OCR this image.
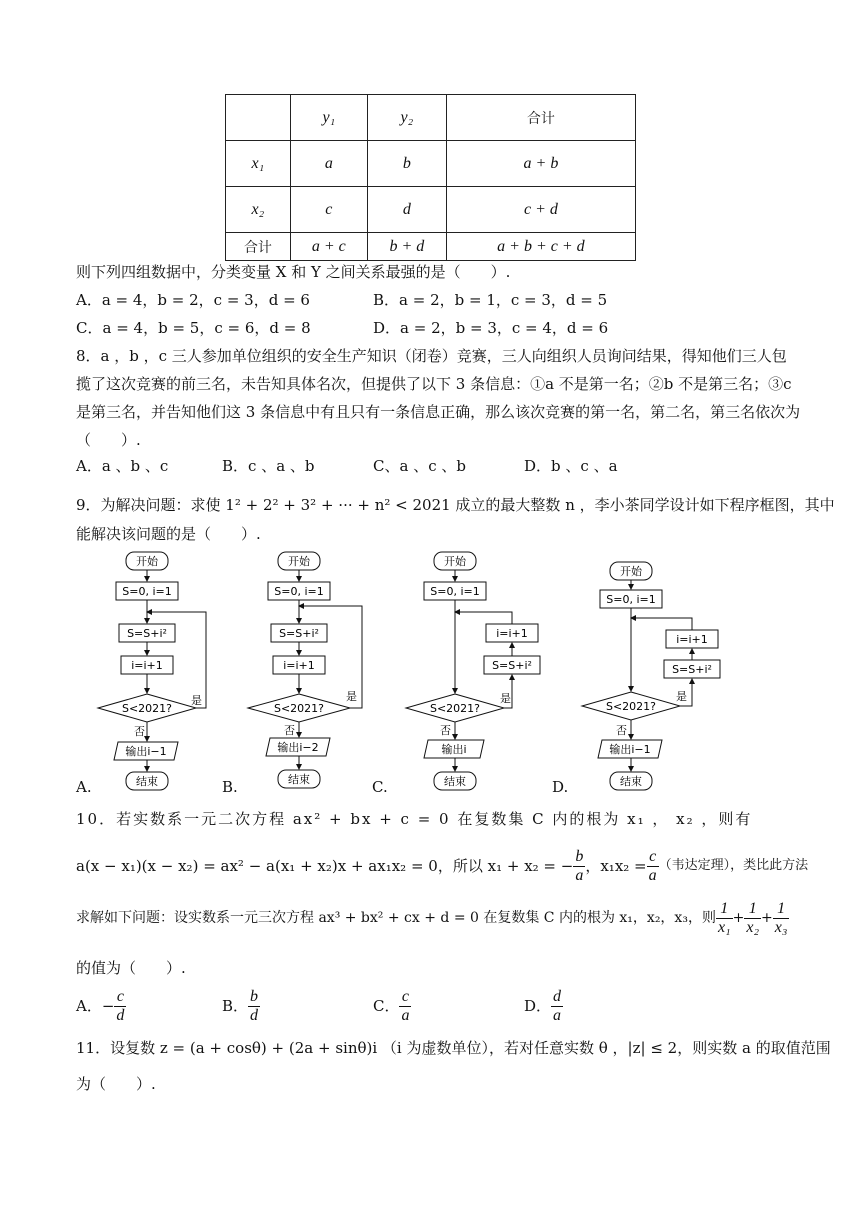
	y₁	y₂	合计
x₁	a	b	a + b
x₂	c	d	c + d
合计	a + c	b + d	a + b + c + d
则下列四组数据中，分类变量 X 和 Y 之间关系最强的是（　　）.
A．a = 4，b = 2，c = 3，d = 6	B．a = 2，b = 1，c = 3，d = 5
C．a = 4，b = 5，c = 6，d = 8	D．a = 2，b = 3，c = 4，d = 6
8．a ，b ，c 三人参加单位组织的安全生产知识（闭卷）竞赛，三人向组织人员询问结果，得知他们三人包
揽了这次竞赛的前三名，未告知具体名次，但提供了以下 3 条信息：①a 不是第一名；②b 不是第三名；③c
是第三名，并告知他们这 3 条信息中有且只有一条信息正确，那么该次竞赛的第一名，第二名，第三名依次为
（　　）.
A．a 、b 、c	B．c 、a 、b	C、a 、c 、b	D．b 、c 、a
9．为解决问题：求使 1² + 2² + 3² + ··· + n² < 2021 成立的最大整数 n ，李小茶同学设计如下程序框图，其中
能解决该问题的是（　　）.
开始
S=0, i=1
S=S+i²
i=i+1
S<2021?
是
否
输出i−1
结束
A.
开始
S=0, i=1
S=S+i²
i=i+1
S<2021?
是
否
输出i−2
结束
B.
开始
S=0, i=1
i=i+1
S=S+i²
S<2021?
是
否
输出i
结束
C.
开始
S=0, i=1
i=i+1
S=S+i²
S<2021?
是
否
输出i−1
结束
D.
10．若实数系一元二次方程 ax² + bx + c = 0 在复数集 C 内的根为 x₁ ， x₂ ，则有
a(x − x₁)(x − x₂) = ax² − a(x₁ + x₂)x + ax₁x₂ = 0，所以 x₁ + x₂ = − $\frac{b}{a}$ ，$x_1x_2 = \frac{c}{a}$ （韦达定理），类比此方法
求解如下问题：设实数系一元三次方程 ax³ + bx² + cx + d = 0 在复数集 C 内的根为 x₁，x₂，x₃，则 $\frac{1}{\text{x₁}} + \frac{1}{\text{x₂}} + \frac{1}{\text{x₃}}$
的值为（　　）.
A．− $\frac{c}{d}$	B． $\frac{b}{d}$	C． $\frac{c}{a}$	D． $\frac{d}{a}$
11．设复数 z = (a + cosθ) + (2a + sinθ)i （i 为虚数单位），若对任意实数 θ ，|z| ≤ 2，则实数 a 的取值范围
为（　　）.
